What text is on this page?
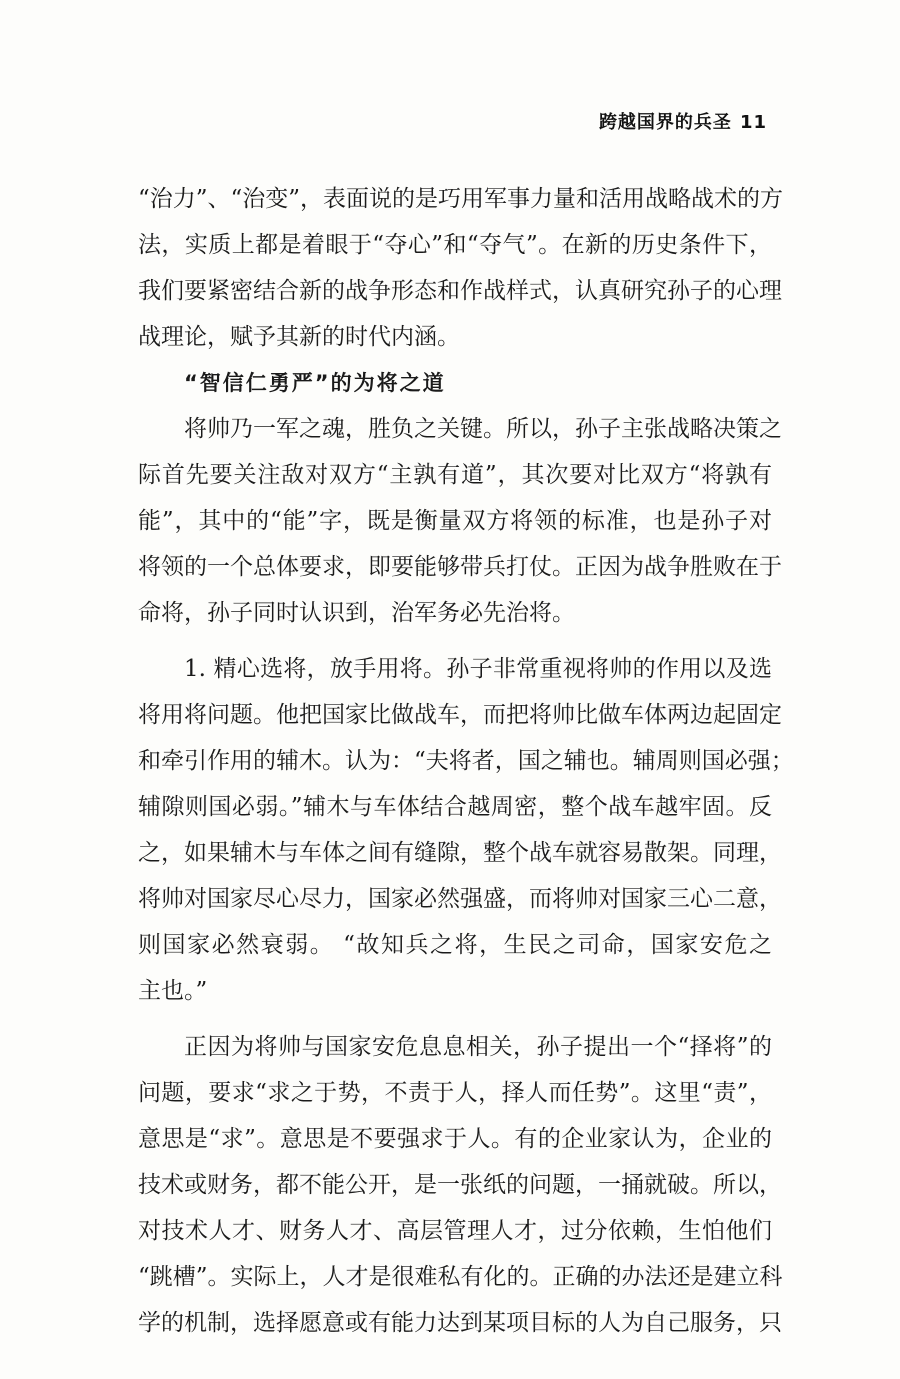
跨越国界的兵圣 11
“治力”、“治变”，表面说的是巧用军事力量和活用战略战术的方
法，实质上都是着眼于“夺心”和“夺气”。在新的历史条件下，
我们要紧密结合新的战争形态和作战样式，认真研究孙子的心理
战理论，赋予其新的时代内涵。
“智信仁勇严”的为将之道
将帅乃一军之魂，胜负之关键。所以，孙子主张战略决策之
际首先要关注敌对双方“主孰有道”，其次要对比双方“将孰有
能”，其中的“能”字，既是衡量双方将领的标准，也是孙子对
将领的一个总体要求，即要能够带兵打仗。正因为战争胜败在于
命将，孙子同时认识到，治军务必先治将。
1. 精心选将，放手用将。孙子非常重视将帅的作用以及选
将用将问题。他把国家比做战车，而把将帅比做车体两边起固定
和牵引作用的辅木。认为：“夫将者，国之辅也。辅周则国必强；
辅隙则国必弱。”辅木与车体结合越周密，整个战车越牢固。反
之，如果辅木与车体之间有缝隙，整个战车就容易散架。同理，
将帅对国家尽心尽力，国家必然强盛，而将帅对国家三心二意，
则国家必然衰弱。 “故知兵之将，生民之司命，国家安危之
主也。”
正因为将帅与国家安危息息相关，孙子提出一个“择将”的
问题，要求“求之于势，不责于人，择人而任势”。这里“责”，
意思是“求”。意思是不要强求于人。有的企业家认为，企业的
技术或财务，都不能公开，是一张纸的问题，一捅就破。所以，
对技术人才、财务人才、高层管理人才，过分依赖，生怕他们
“跳槽”。实际上，人才是很难私有化的。正确的办法还是建立科
学的机制，选择愿意或有能力达到某项目标的人为自己服务，只
